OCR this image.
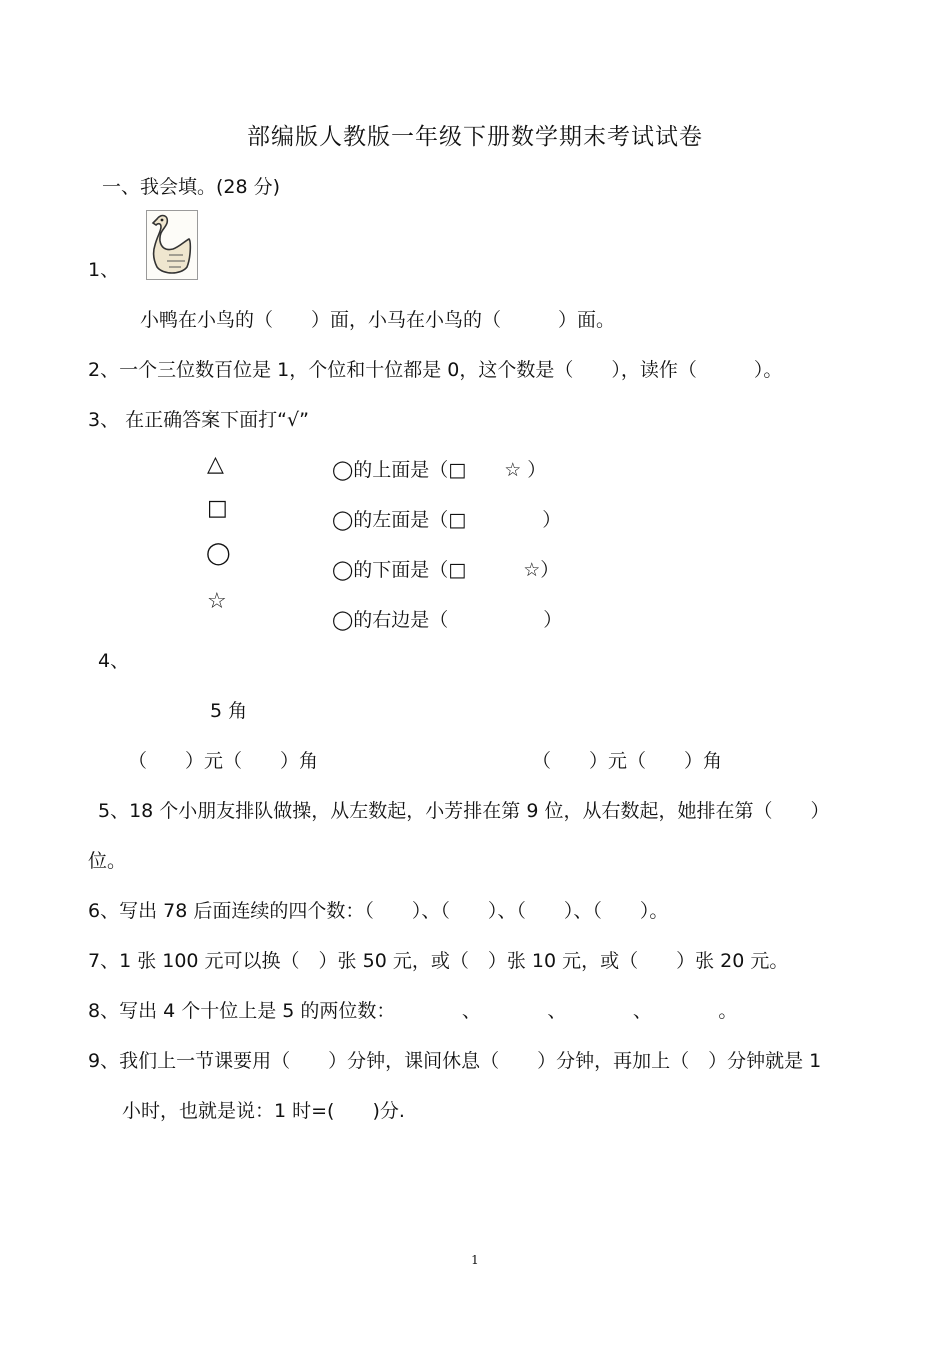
部编版人教版一年级下册数学期末考试试卷
一、我会填。(28 分)
1、
小鸭在小鸟的（　　）面，小马在小鸟的（　　　）面。
2、一个三位数百位是 1，个位和十位都是 0，这个数是（　　），读作（　　　）。
3、 在正确答案下面打“√”
△
□
◯
☆
◯的上面是（□　　☆ ）
◯的左面是（□　　　　）
◯的下面是（□　　　☆）
◯的右边是（　　　　　）
4、
5 角
（　　）元（　　）角	（　　）元（　　）角
5、18 个小朋友排队做操，从左数起，小芳排在第 9 位，从右数起，她排在第（　　）
位。
6、写出 78 后面连续的四个数：（　　）、（　　）、（　　）、（　　）。
7、1 张 100 元可以换（　）张 50 元，或（　）张 10 元，或（　　）张 20 元。
8、写出 4 个十位上是 5 的两位数：　　　　、　　　　、　　　　、　　　　。
9、我们上一节课要用（　　）分钟，课间休息（　　）分钟，再加上（　）分钟就是 1
小时，也就是说：1 时=(　　)分.
1
